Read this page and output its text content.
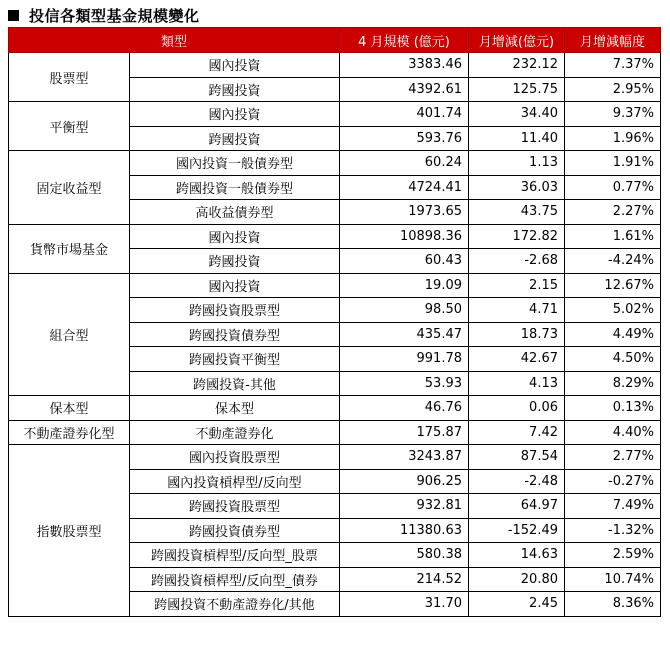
投信各類型基金規模變化
類型		4 月規模 (億元)	月增減(億元)	月增減幅度
股票型	國內投資	3383.46	232.12	7.37%
	跨國投資	4392.61	125.75	2.95%
平衡型	國內投資	401.74	34.40	9.37%
	跨國投資	593.76	11.40	1.96%
固定收益型	國內投資一般債券型	60.24	1.13	1.91%
	跨國投資一般債券型	4724.41	36.03	0.77%
	高收益債券型	1973.65	43.75	2.27%
貨幣市場基金	國內投資	10898.36	172.82	1.61%
	跨國投資	60.43	-2.68	-4.24%
組合型	國內投資	19.09	2.15	12.67%
	跨國投資股票型	98.50	4.71	5.02%
	跨國投資債券型	435.47	18.73	4.49%
	跨國投資平衡型	991.78	42.67	4.50%
	跨國投資-其他	53.93	4.13	8.29%
保本型	保本型	46.76	0.06	0.13%
不動產證券化型	不動產證券化	175.87	7.42	4.40%
指數股票型	國內投資股票型	3243.87	87.54	2.77%
	國內投資槓桿型/反向型	906.25	-2.48	-0.27%
	跨國投資股票型	932.81	64.97	7.49%
	跨國投資債券型	11380.63	-152.49	-1.32%
	跨國投資槓桿型/反向型_股票	580.38	14.63	2.59%
	跨國投資槓桿型/反向型_債券	214.52	20.80	10.74%
	跨國投資不動產證券化/其他	31.70	2.45	8.36%
